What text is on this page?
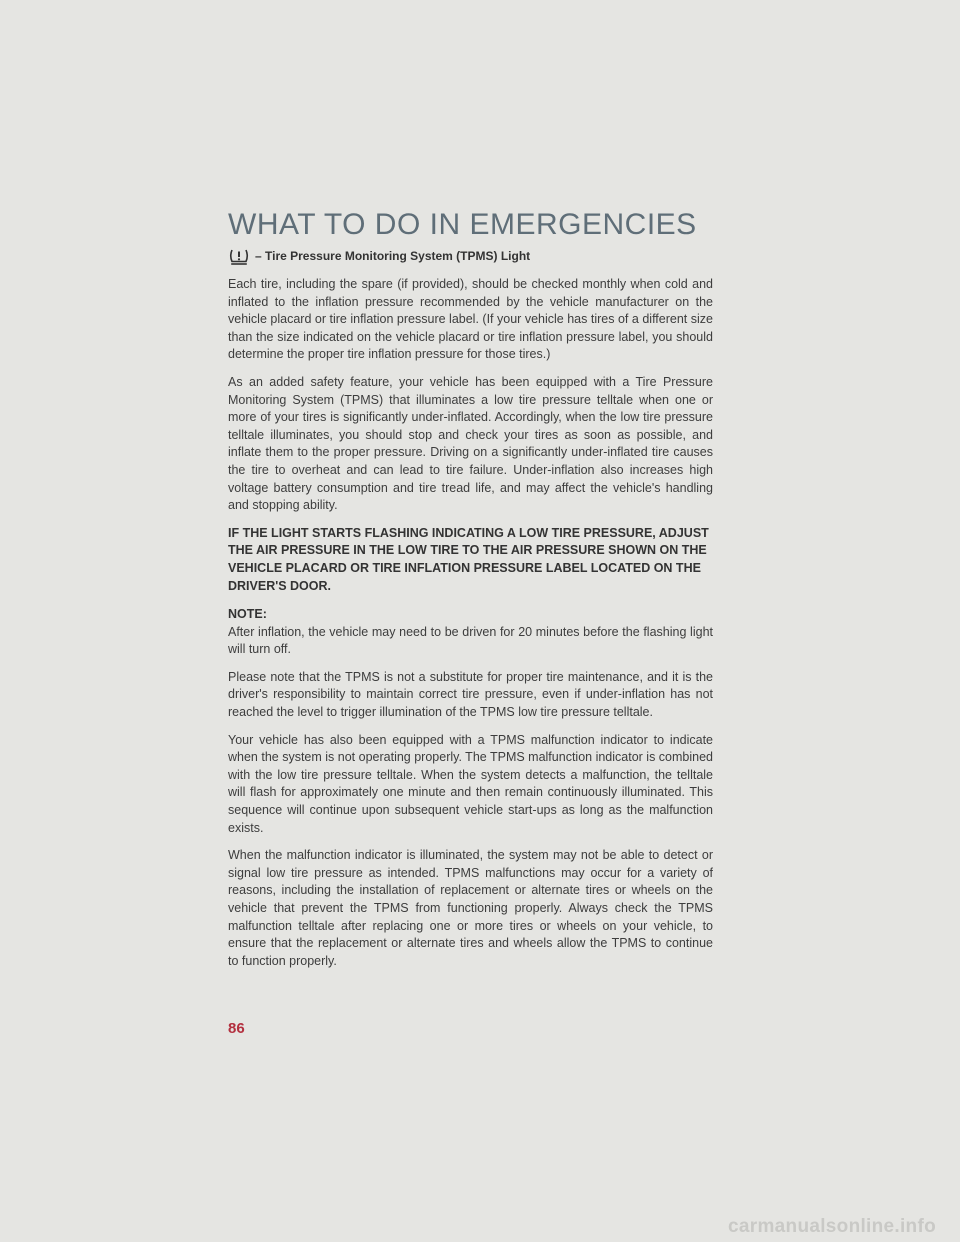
WHAT TO DO IN EMERGENCIES
– Tire Pressure Monitoring System (TPMS) Light

Each tire, including the spare (if provided), should be checked monthly when cold and inflated to the inflation pressure recommended by the vehicle manufacturer on the vehicle placard or tire inflation pressure label. (If your vehicle has tires of a different size than the size indicated on the vehicle placard or tire inflation pressure label, you should determine the proper tire inflation pressure for those tires.)

As an added safety feature, your vehicle has been equipped with a Tire Pressure Monitoring System (TPMS) that illuminates a low tire pressure telltale when one or more of your tires is significantly under-inflated. Accordingly, when the low tire pressure telltale illuminates, you should stop and check your tires as soon as possible, and inflate them to the proper pressure. Driving on a significantly under-inflated tire causes the tire to overheat and can lead to tire failure. Under-inflation also increases high voltage battery consumption and tire tread life, and may affect the vehicle's handling and stopping ability.

IF THE LIGHT STARTS FLASHING INDICATING A LOW TIRE PRESSURE, ADJUST THE AIR PRESSURE IN THE LOW TIRE TO THE AIR PRESSURE SHOWN ON THE VEHICLE PLACARD OR TIRE INFLATION PRESSURE LABEL LOCATED ON THE DRIVER'S DOOR.
NOTE:

After inflation, the vehicle may need to be driven for 20 minutes before the flashing light will turn off.

Please note that the TPMS is not a substitute for proper tire maintenance, and it is the driver's responsibility to maintain correct tire pressure, even if under-inflation has not reached the level to trigger illumination of the TPMS low tire pressure telltale.

Your vehicle has also been equipped with a TPMS malfunction indicator to indicate when the system is not operating properly. The TPMS malfunction indicator is combined with the low tire pressure telltale. When the system detects a malfunction, the telltale will flash for approximately one minute and then remain continuously illuminated. This sequence will continue upon subsequent vehicle start-ups as long as the malfunction exists.

When the malfunction indicator is illuminated, the system may not be able to detect or signal low tire pressure as intended. TPMS malfunctions may occur for a variety of reasons, including the installation of replacement or alternate tires or wheels on the vehicle that prevent the TPMS from functioning properly. Always check the TPMS malfunction telltale after replacing one or more tires or wheels on your vehicle, to ensure that the replacement or alternate tires and wheels allow the TPMS to continue to function properly.

86
carmanualsonline.info
